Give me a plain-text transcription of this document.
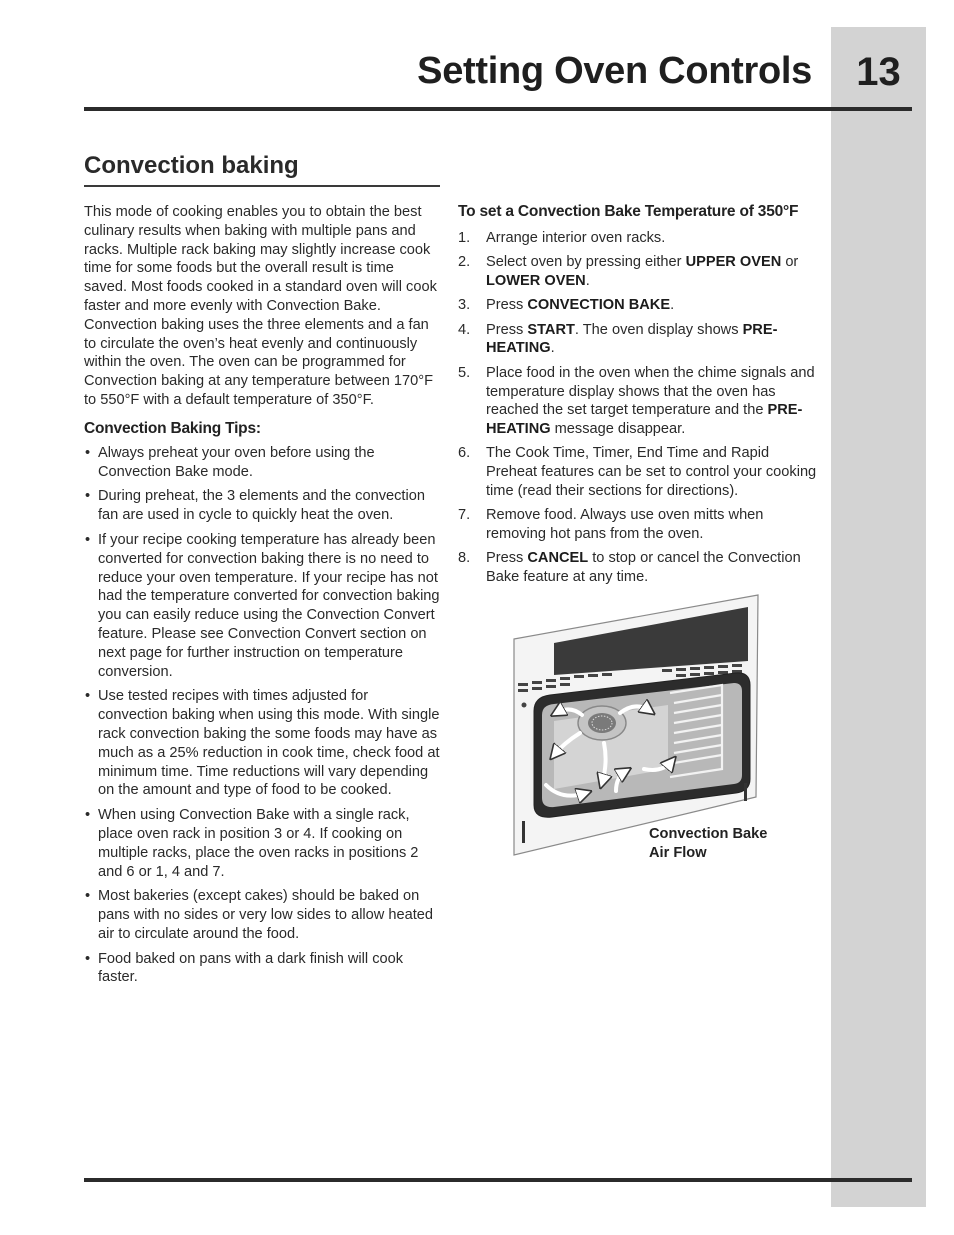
Setting Oven Controls	13
Convection baking

This mode of cooking enables you to obtain the best culinary results when baking with multiple pans and racks. Multiple rack baking may slightly increase cook time for some foods but the overall result is time saved. Most foods cooked in a standard oven will cook faster and more evenly with Convection Bake. Convection baking uses the three elements and a fan to circulate the oven’s heat evenly and continuously within the oven. The oven can be programmed for Convection baking at any temperature between 170°F to 550°F with a default temperature of 350°F.

Convection Baking Tips:
• Always preheat your oven before using the Convection Bake mode.
• During preheat, the 3 elements and the convection fan are used in cycle to quickly heat the oven.
• If your recipe cooking temperature has already been converted for convection baking there is no need to reduce your oven temperature. If your recipe has not had the temperature converted for convection baking you can easily reduce using the Convection Convert feature. Please see Convection Convert section on next page for further instruction on temperature conversion.
• Use tested recipes with times adjusted for convection baking when using this mode. With single rack convection baking the some foods may have as much as a 25% reduction in cook time, check food at minimum time. Time reductions will vary depending on the amount and type of food to be cooked.
• When using Convection Bake with a single rack, place oven rack in position 3 or 4. If cooking on multiple racks, place the oven racks in positions 2 and 6 or 1, 4 and 7.
• Most bakeries (except cakes) should be baked on pans with no sides or very low sides to allow heated air to circulate around the food.
• Food baked on pans with a dark finish will cook faster.
To set a Convection Bake Temperature of 350°F
1. Arrange interior oven racks.
2. Select oven by pressing either UPPER OVEN or LOWER OVEN.
3. Press CONVECTION BAKE.
4. Press START. The oven display shows PRE-HEATING.
5. Place food in the oven when the chime signals and temperature display shows that the oven has reached the set target temperature and the PRE-HEATING message disappear.
6. The Cook Time, Timer, End Time and Rapid Preheat features can be set to control your cooking time (read their sections for directions).
7. Remove food. Always use oven mitts when removing hot pans from the oven.
8. Press CANCEL to stop or cancel the Convection Bake feature at any time.
Convection Bake
Air Flow
